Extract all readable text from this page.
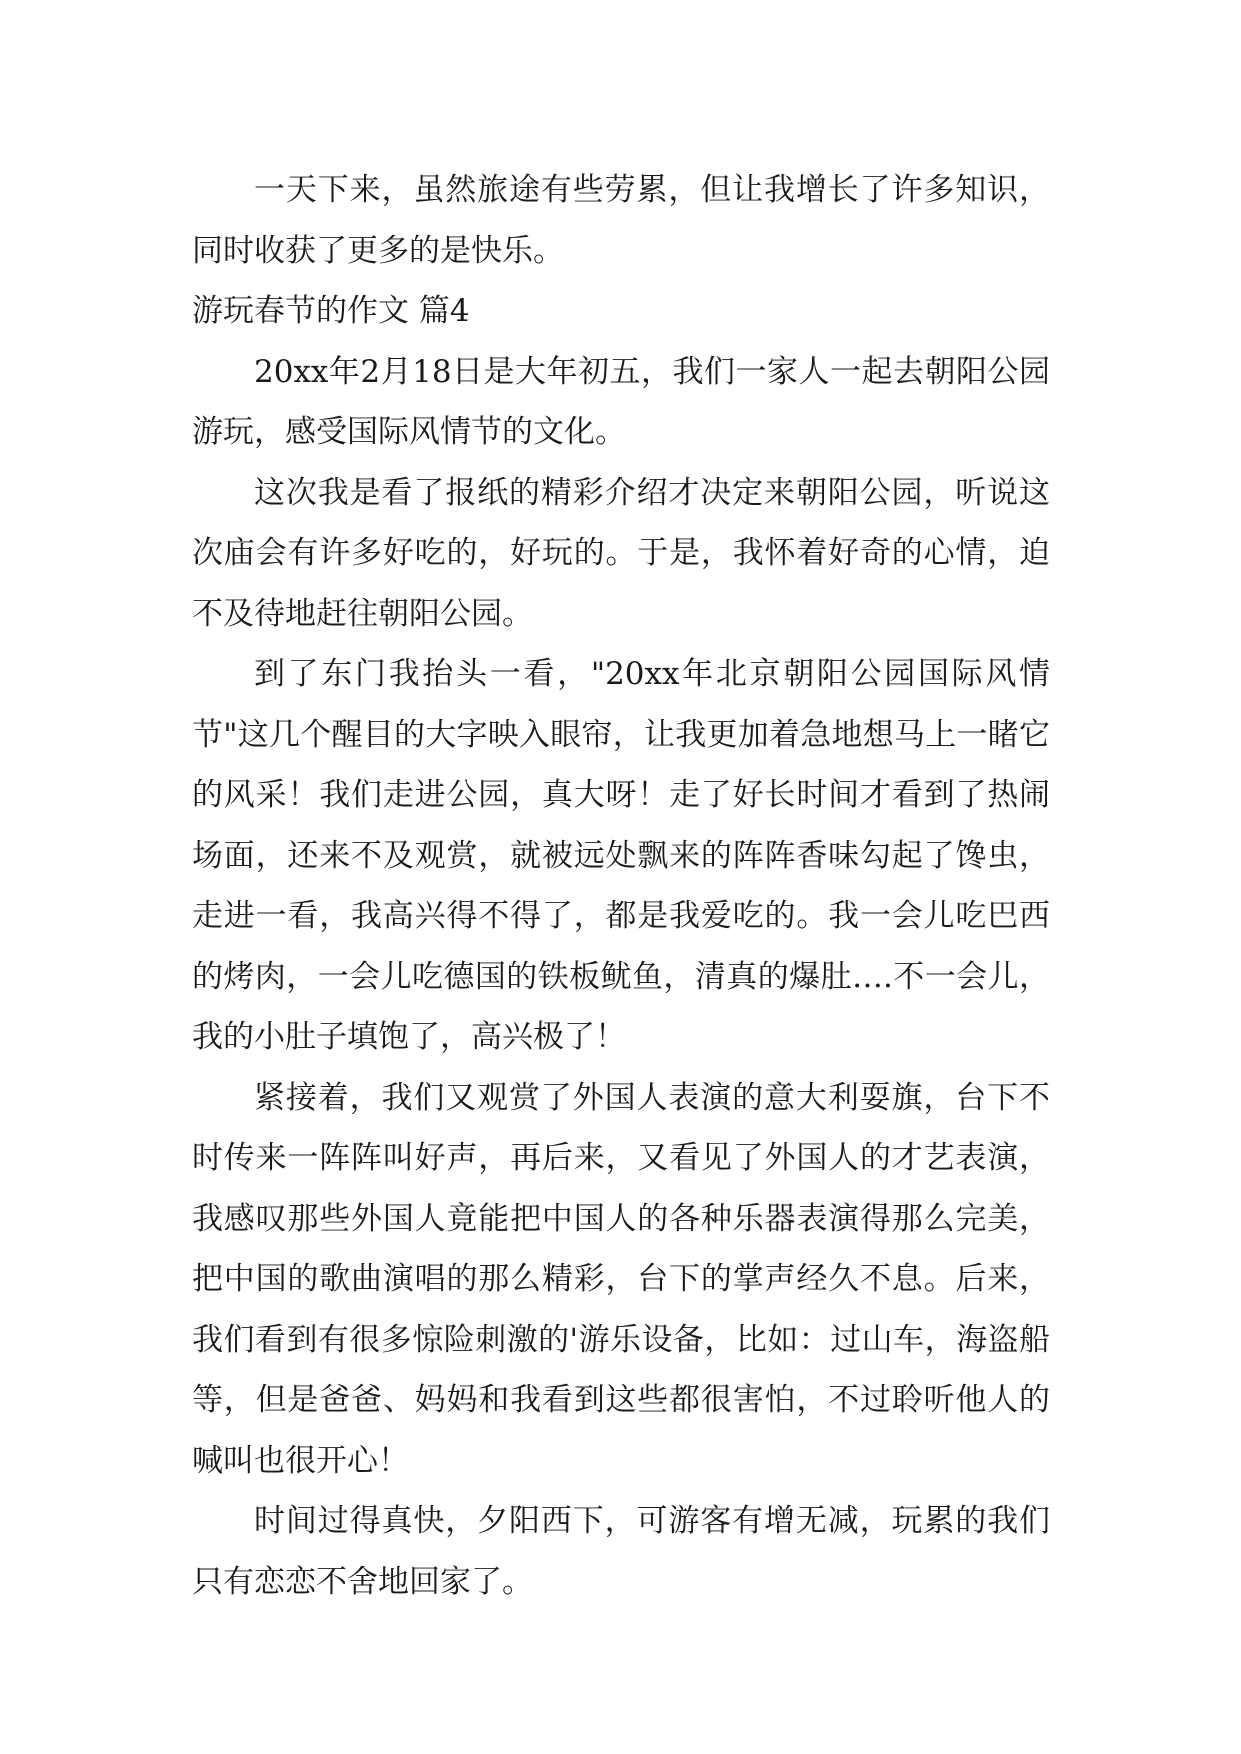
一天下来，虽然旅途有些劳累，但让我增长了许多知识，同时收获了更多的是快乐。

游玩春节的作文 篇4

20xx年2月18日是大年初五，我们一家人一起去朝阳公园游玩，感受国际风情节的文化。

这次我是看了报纸的精彩介绍才决定来朝阳公园，听说这次庙会有许多好吃的，好玩的。于是，我怀着好奇的心情，迫不及待地赶往朝阳公园。

到了东门我抬头一看，"20xx年北京朝阳公园国际风情节"这几个醒目的大字映入眼帘，让我更加着急地想马上一睹它的风采！我们走进公园，真大呀！走了好长时间才看到了热闹场面，还来不及观赏，就被远处飘来的阵阵香味勾起了馋虫，走进一看，我高兴得不得了，都是我爱吃的。我一会儿吃巴西的烤肉，一会儿吃德国的铁板鱿鱼，清真的爆肚….不一会儿，我的小肚子填饱了，高兴极了！

紧接着，我们又观赏了外国人表演的意大利耍旗，台下不时传来一阵阵叫好声，再后来，又看见了外国人的才艺表演，我感叹那些外国人竟能把中国人的各种乐器表演得那么完美，把中国的歌曲演唱的那么精彩，台下的掌声经久不息。后来，我们看到有很多惊险刺激的'游乐设备，比如：过山车，海盗船等，但是爸爸、妈妈和我看到这些都很害怕，不过聆听他人的喊叫也很开心！

时间过得真快，夕阳西下，可游客有增无减，玩累的我们只有恋恋不舍地回家了。
